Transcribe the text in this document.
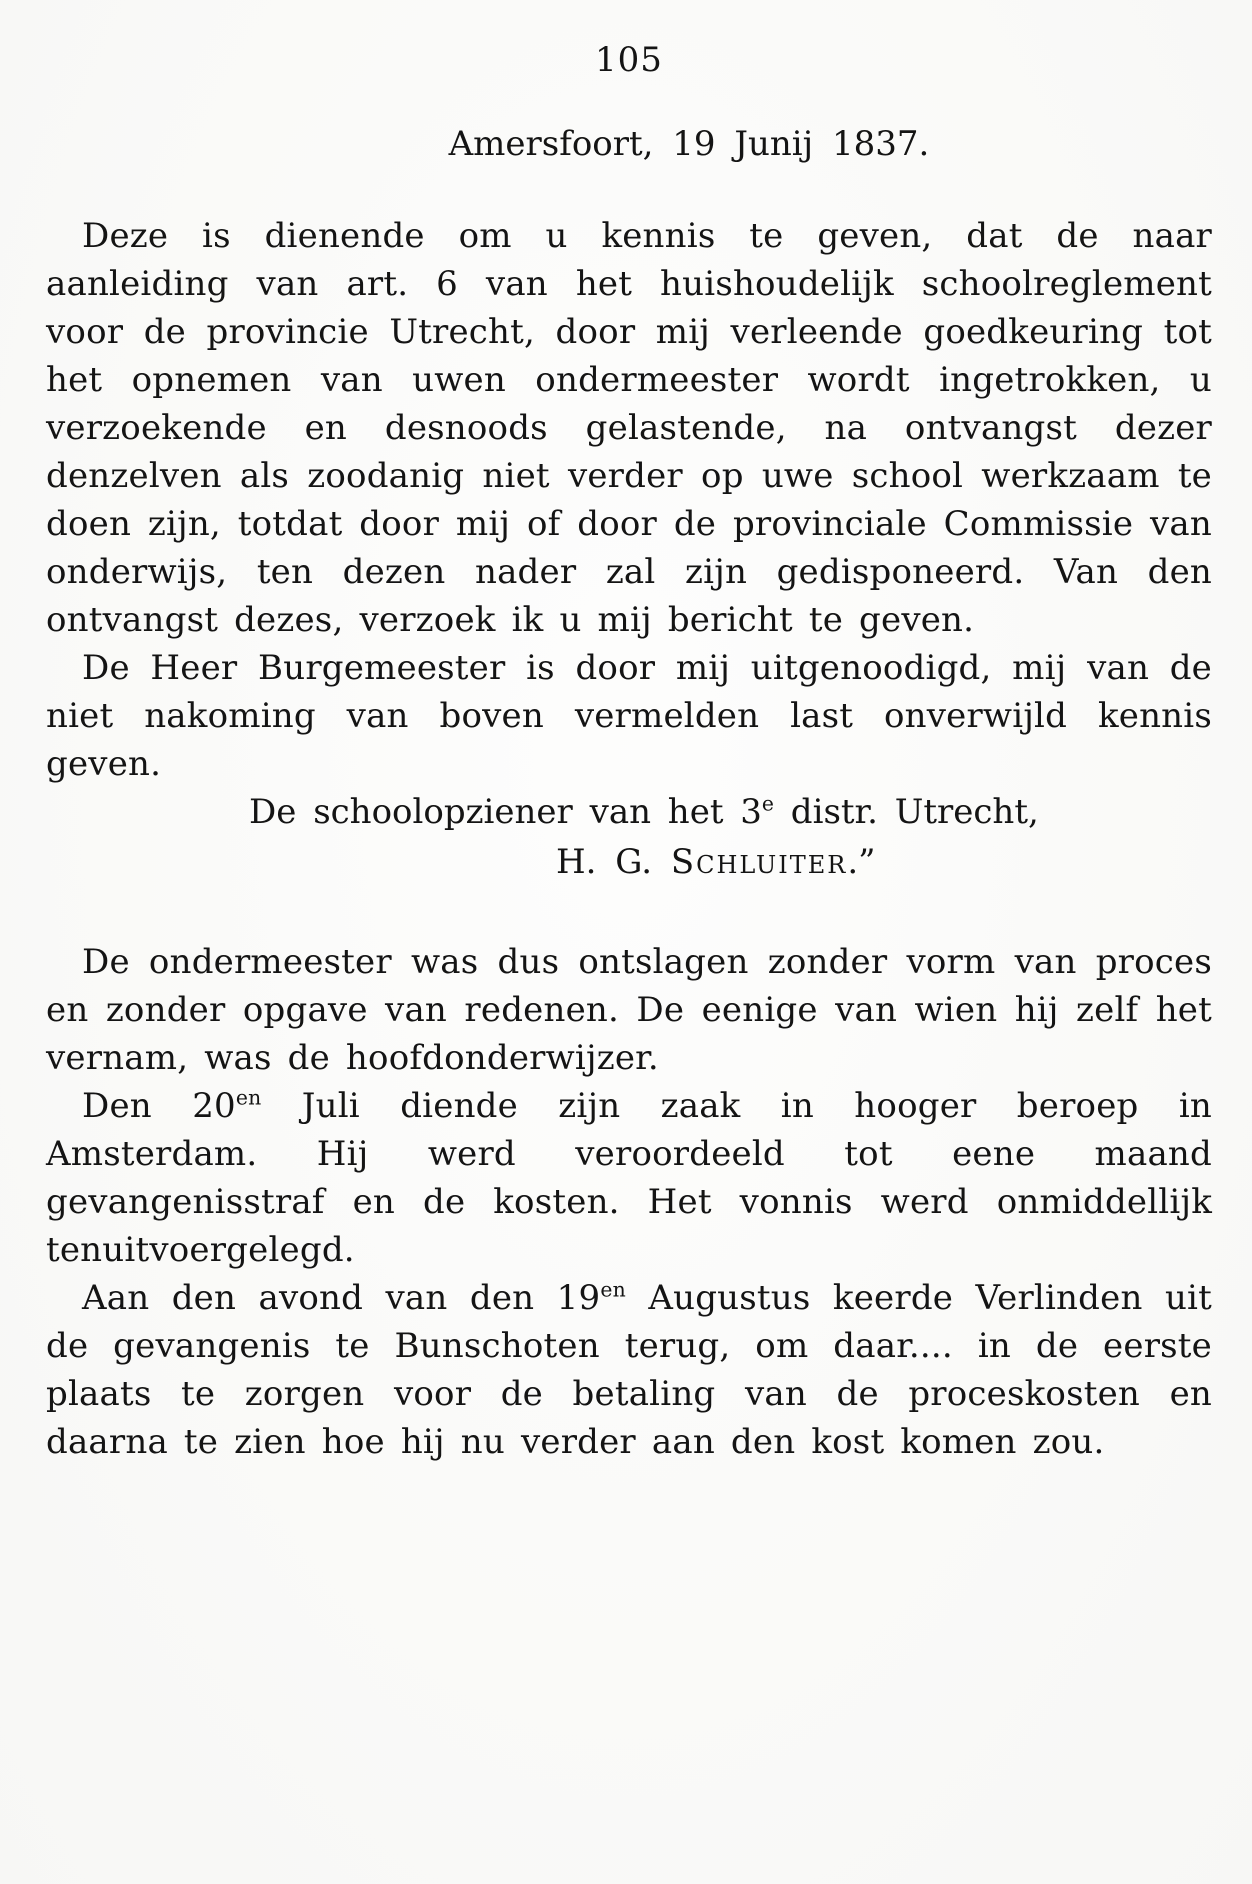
105
Amersfoort, 19 Junij 1837.

Deze is dienende om u kennis te geven, dat de naar aanleiding van art. 6 van het huishoudelijk schoolreglement voor de provincie Utrecht, door mij verleende goedkeuring tot het opnemen van uwen ondermeester wordt ingetrokken, u verzoekende en desnoods gelastende, na ontvangst dezer denzelven als zoodanig niet verder op uwe school werkzaam te doen zijn, totdat door mij of door de provinciale Commissie van onderwijs, ten dezen nader zal zijn gedisponeerd. Van den ontvangst dezes, verzoek ik u mij bericht te geven.

De Heer Burgemeester is door mij uitgenoodigd, mij van de niet nakoming van boven vermelden last onverwijld kennis geven.

De schoolopziener van het 3e distr. Utrecht,

H. G. Schluiter.”

De ondermeester was dus ontslagen zonder vorm van proces en zonder opgave van redenen. De eenige van wien hij zelf het vernam, was de hoofdonderwijzer.

Den $20^{en}$ Juli diende zijn zaak in hooger beroep in Amsterdam. Hij werd veroordeeld tot eene maand gevangenisstraf en de kosten. Het vonnis werd onmiddellijk tenuitvoergelegd.

Aan den avond van den $19^{en}$ Augustus keerde Verlinden uit de gevangenis te Bunschoten terug, om daar.... in de eerste plaats te zorgen voor de betaling van de proceskosten en daarna te zien hoe hij nu verder aan den kost komen zou.
